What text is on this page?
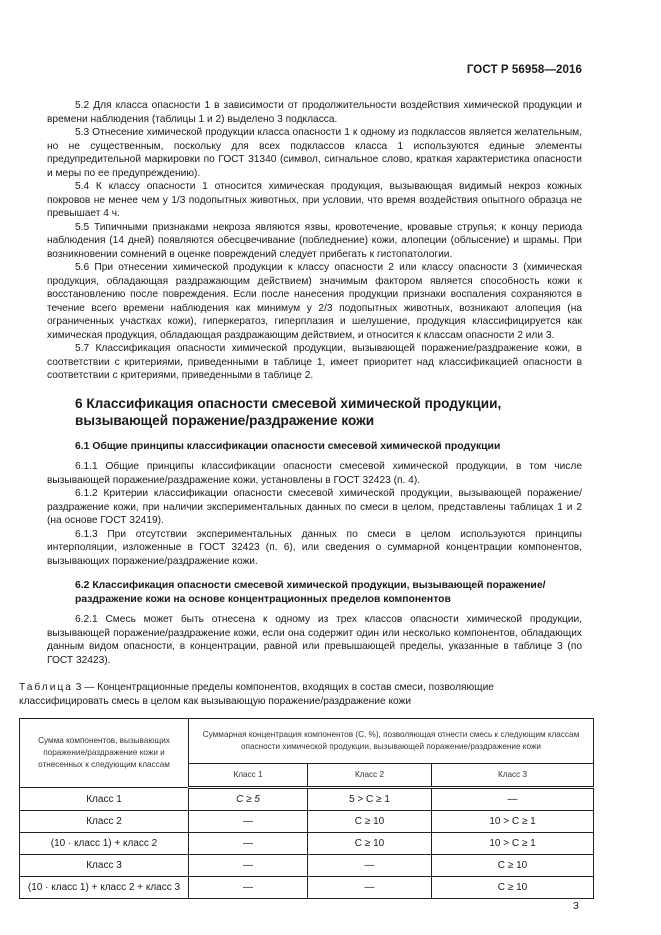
ГОСТ Р 56958—2016

5.2 Для класса опасности 1 в зависимости от продолжительности воздействия химической продукции и времени наблюдения (таблицы 1 и 2) выделено 3 подкласса.

5.3 Отнесение химической продукции класса опасности 1 к одному из подклассов является желательным, но не существенным, поскольку для всех подклассов класса 1 используются единые элементы предупредительной маркировки по ГОСТ 31340 (символ, сигнальное слово, краткая характеристика опасности и меры по ее предупреждению).

5.4 К классу опасности 1 относится химическая продукция, вызывающая видимый некроз кожных покровов не менее чем у 1/3 подопытных животных, при условии, что время воздействия опытного образца не превышает 4 ч.

5.5 Типичными признаками некроза являются язвы, кровотечение, кровавые струпья; к концу периода наблюдения (14 дней) появляются обесцвечивание (побледнение) кожи, алопеции (облысение) и шрамы. При возникновении сомнений в оценке повреждений следует прибегать к гистопатологии.

5.6 При отнесении химической продукции к классу опасности 2 или классу опасности 3 (химическая продукция, обладающая раздражающим действием) значимым фактором является способность кожи к восстановлению после повреждения. Если после нанесения продукции признаки воспаления сохраняются в течение всего времени наблюдения как минимум у 2/3 подопытных животных, возникают алопеция (на ограниченных участках кожи), гиперкератоз, гиперплазия и шелушение, продукция классифицируется как химическая продукция, обладающая раздражающим действием, и относится к классам опасности 2 или 3.

5.7 Классификация опасности химической продукции, вызывающей поражение/раздражение кожи, в соответствии с критериями, приведенными в таблице 1, имеет приоритет над классификацией опасности в соответствии с критериями, приведенными в таблице 2.

6 Классификация опасности смесевой химической продукции, вызывающей поражение/раздражение кожи
6.1 Общие принципы классификации опасности смесевой химической продукции

6.1.1 Общие принципы классификации опасности смесевой химической продукции, в том числе вызывающей поражение/раздражение кожи, установлены в ГОСТ 32423 (п. 4).

6.1.2 Критерии классификации опасности смесевой химической продукции, вызывающей поражение/раздражение кожи, при наличии экспериментальных данных по смеси в целом, представлены таблицах 1 и 2 (на основе ГОСТ 32419).

6.1.3 При отсутствии экспериментальных данных по смеси в целом используются принципы интерполяции, изложенные в ГОСТ 32423 (п. 6), или сведения о суммарной концентрации компонентов, вызывающих поражение/раздражение кожи.

6.2 Классификация опасности смесевой химической продукции, вызывающей поражение/раздражение кожи на основе концентрационных пределов компонентов

6.2.1 Смесь может быть отнесена к одному из трех классов опасности химической продукции, вызывающей поражение/раздражение кожи, если она содержит один или несколько компонентов, обладающих данным видом опасности, в концентрации, равной или превышающей пределы, указанные в таблице 3 (по ГОСТ 32423).

Таблица 3 — Концентрационные пределы компонентов, входящих в состав смеси, позволяющие классифицировать смесь в целом как вызывающую поражение/раздражение кожи
Сумма компонентов, вызывающих поражение/раздражение кожи и отнесенных к следующим классам	Суммарная концентрация компонентов (C, %), позволяющая отнести смесь к следующим классам опасности химической продукции, вызывающей поражение/раздражение кожи		
	Класс 1	Класс 2	Класс 3
Класс 1	C ≥ 5	5 > C ≥ 1	—
Класс 2	—	C ≥ 10	10 > C ≥ 1
(10 · класс 1) + класс 2	—	C ≥ 10	10 > C ≥ 1
Класс 3	—	—	C ≥ 10
(10 · класс 1) + класс 2 + класс 3	—	—	C ≥ 10
3
